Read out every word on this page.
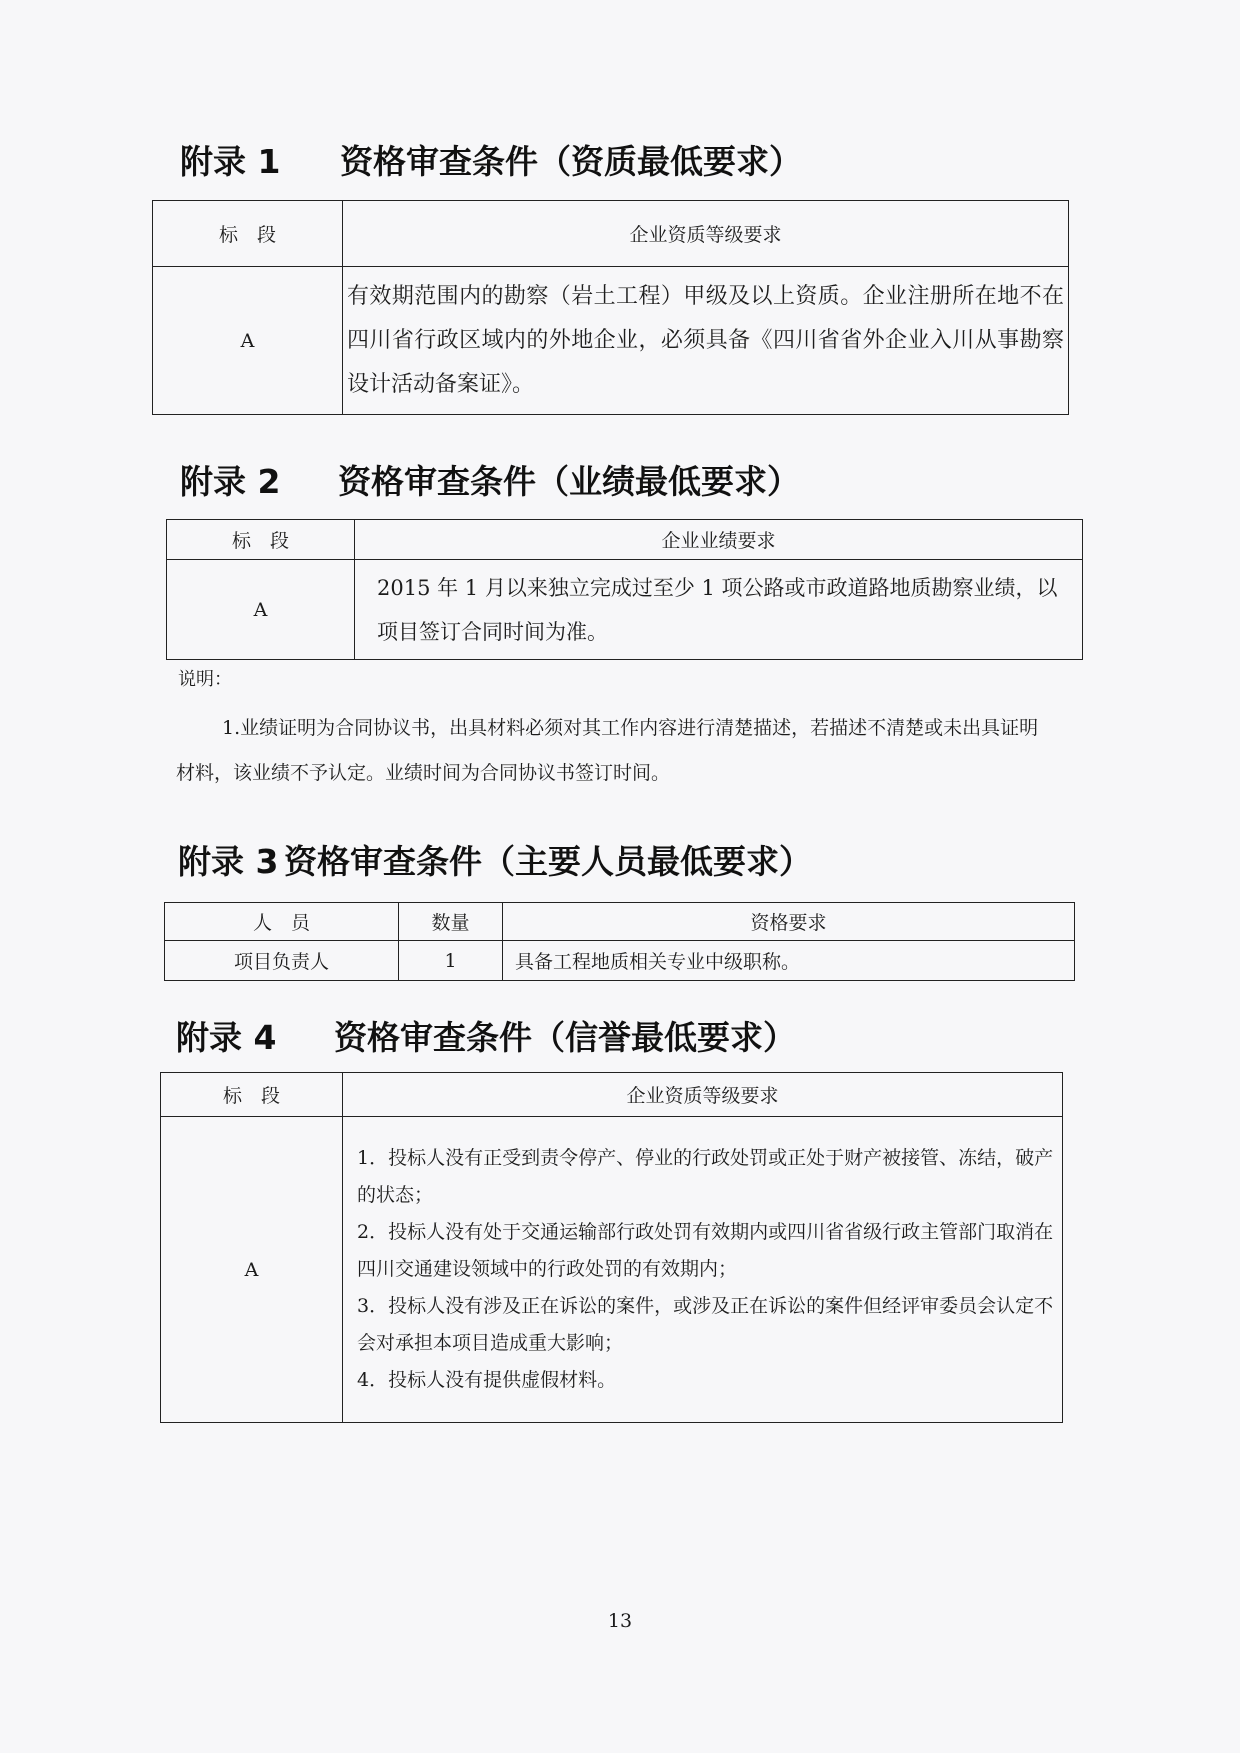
附录 1	资格审查条件（资质最低要求）
标　段	企业资质等级要求
A	有效期范围内的勘察（岩土工程）甲级及以上资质。企业注册所在地不在四川省行政区域内的外地企业，必须具备《四川省省外企业入川从事勘察设计活动备案证》。
附录 2	资格审查条件（业绩最低要求）
标　段	企业业绩要求
A	2015 年 1 月以来独立完成过至少 1 项公路或市政道路地质勘察业绩，以项目签订合同时间为准。
说明：
1.业绩证明为合同协议书，出具材料必须对其工作内容进行清楚描述，若描述不清楚或未出具证明材料，该业绩不予认定。业绩时间为合同协议书签订时间。
附录 3 资格审查条件（主要人员最低要求）
人　员	数量	资格要求
项目负责人	1	具备工程地质相关专业中级职称。
附录 4	资格审查条件（信誉最低要求）
标　段	企业资质等级要求
A	1．投标人没有正受到责令停产、停业的行政处罚或正处于财产被接管、冻结，破产的状态；

2．投标人没有处于交通运输部行政处罚有效期内或四川省省级行政主管部门取消在四川交通建设领域中的行政处罚的有效期内；

3．投标人没有涉及正在诉讼的案件，或涉及正在诉讼的案件但经评审委员会认定不会对承担本项目造成重大影响；

4．投标人没有提供虚假材料。

13
